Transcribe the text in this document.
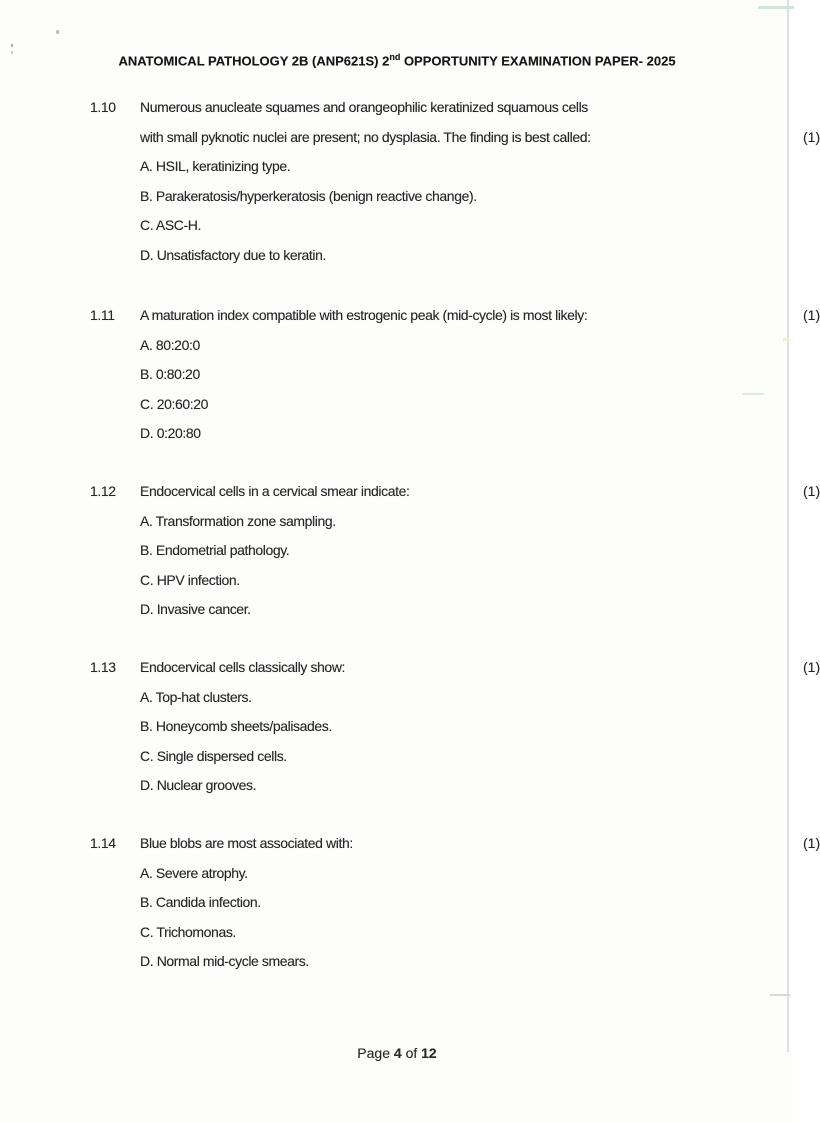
ANATOMICAL PATHOLOGY 2B (ANP621S) 2nd OPPORTUNITY EXAMINATION PAPER- 2025
1.10 Numerous anucleate squames and orangeophilic keratinized squamous cells
with small pyknotic nuclei are present; no dysplasia. The finding is best called:	(1)
A. HSIL, keratinizing type.
B. Parakeratosis/hyperkeratosis (benign reactive change).
C. ASC-H.
D. Unsatisfactory due to keratin.
1.11 A maturation index compatible with estrogenic peak (mid-cycle) is most likely:	(1)
A. 80:20:0
B. 0:80:20
C. 20:60:20
D. 0:20:80
1.12 Endocervical cells in a cervical smear indicate:	(1)
A. Transformation zone sampling.
B. Endometrial pathology.
C. HPV infection.
D. Invasive cancer.
1.13 Endocervical cells classically show:	(1)
A. Top-hat clusters.
B. Honeycomb sheets/palisades.
C. Single dispersed cells.
D. Nuclear grooves.
1.14 Blue blobs are most associated with:	(1)
A. Severe atrophy.
B. Candida infection.
C. Trichomonas.
D. Normal mid-cycle smears.
Page 4 of 12
